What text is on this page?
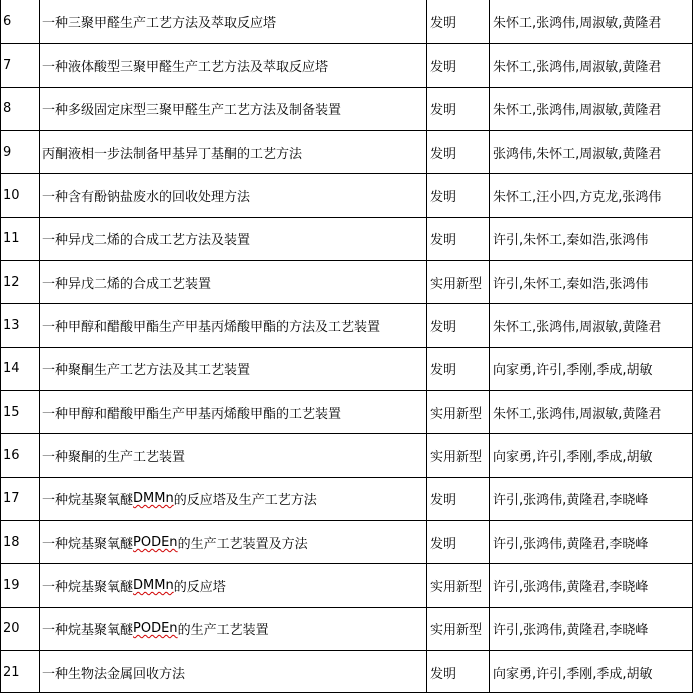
6	一种三聚甲醛生产工艺方法及萃取反应塔	发明	朱怀工,张鸿伟,周淑敏,黄隆君
7	一种液体酸型三聚甲醛生产工艺方法及萃取反应塔	发明	朱怀工,张鸿伟,周淑敏,黄隆君
8	一种多级固定床型三聚甲醛生产工艺方法及制备装置	发明	朱怀工,张鸿伟,周淑敏,黄隆君
9	丙酮液相一步法制备甲基异丁基酮的工艺方法	发明	张鸿伟,朱怀工,周淑敏,黄隆君
10	一种含有酚钠盐废水的回收处理方法	发明	朱怀工,汪小四,方克龙,张鸿伟
11	一种异戊二烯的合成工艺方法及装置	发明	许引,朱怀工,秦如浩,张鸿伟
12	一种异戊二烯的合成工艺装置	实用新型 许引,朱怀工,秦如浩,张鸿伟
13	一种甲醇和醋酸甲酯生产甲基丙烯酸甲酯的方法及工艺装置	发明	朱怀工,张鸿伟,周淑敏,黄隆君
14	一种聚酮生产工艺方法及其工艺装置	发明	向家勇,许引,季刚,季成,胡敏
15	一种甲醇和醋酸甲酯生产甲基丙烯酸甲酯的工艺装置	实用新型 朱怀工,张鸿伟,周淑敏,黄隆君
16	一种聚酮的生产工艺装置	实用新型 向家勇,许引,季刚,季成,胡敏
17	一种烷基聚氧醚 DMMn 的反应塔及生产工艺方法	发明	许引,张鸿伟,黄隆君,李晓峰
18	一种烷基聚氧醚 PODEn 的生产工艺装置及方法	发明	许引,张鸿伟,黄隆君,李晓峰
19	一种烷基聚氧醚 DMMn 的反应塔	实用新型 许引,张鸿伟,黄隆君,李晓峰
20	一种烷基聚氧醚 PODEn 的生产工艺装置	实用新型 许引,张鸿伟,黄隆君,李晓峰
21	一种生物法金属回收方法	发明	向家勇,许引,季刚,季成,胡敏
